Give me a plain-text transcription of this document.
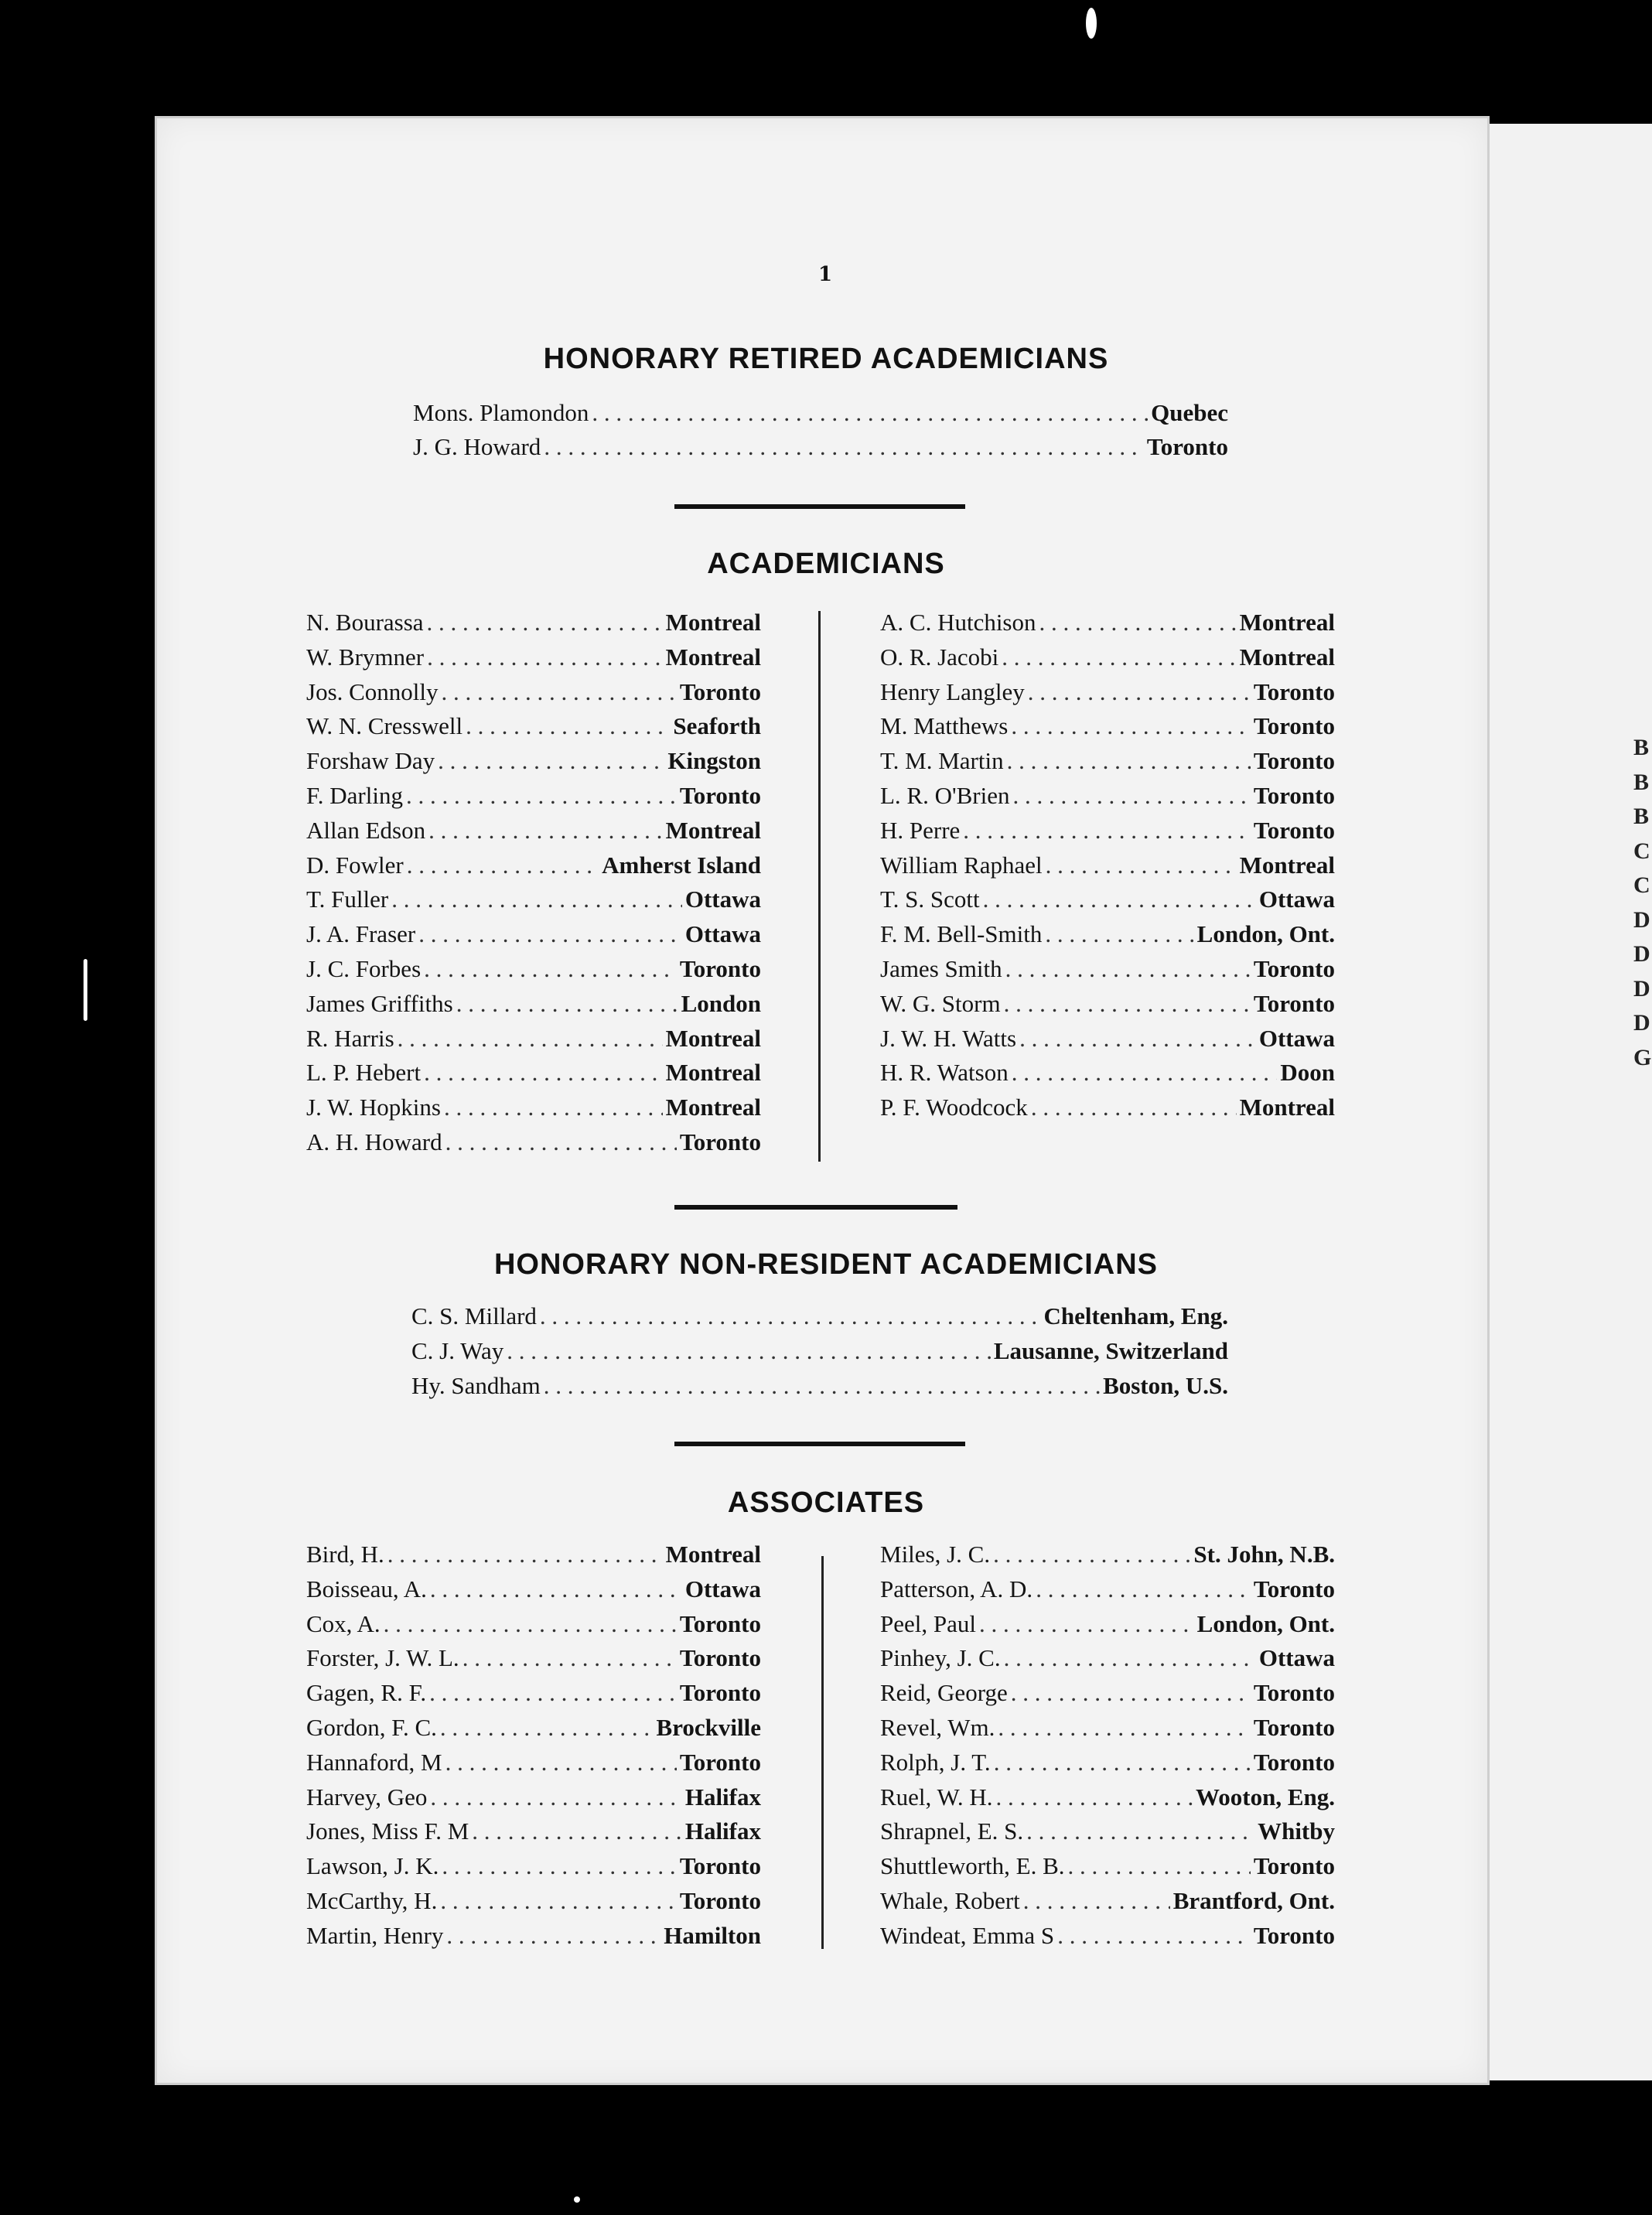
B
B
B
C
C
D
D
D
D
G
1
HONORARY RETIRED ACADEMICIANS
Mons. Plamondon . . .	Quebec
J. G. Howard . . .	Toronto
ACADEMICIANS
N. Bourassa . . .	Montreal
W. Brymner . . .	Montreal
Jos. Connolly . . .	Toronto
W. N. Cresswell . . .	Seaforth
Forshaw Day . . .	Kingston
F. Darling . . .	Toronto
Allan Edson . . .	Montreal
D. Fowler . . .	Amherst Island
T. Fuller . . .	Ottawa
J. A. Fraser . . .	Ottawa
J. C. Forbes . . .	Toronto
James Griffiths . . .	London
R. Harris . . .	Montreal
L. P. Hebert . . .	Montreal
J. W. Hopkins . . .	Montreal
A. H. Howard . . .	Toronto
A. C. Hutchison . . .	Montreal
O. R. Jacobi . . .	Montreal
Henry Langley . . .	Toronto
M. Matthews . . .	Toronto
T. M. Martin . . .	Toronto
L. R. O'Brien . . .	Toronto
H. Perre . . .	Toronto
William Raphael . . .	Montreal
T. S. Scott . . .	Ottawa
F. M. Bell-Smith . . .	London, Ont.
James Smith . . .	Toronto
W. G. Storm . . .	Toronto
J. W. H. Watts . . .	Ottawa
H. R. Watson . . .	Doon
P. F. Woodcock . . .	Montreal
HONORARY NON-RESIDENT ACADEMICIANS
C. S. Millard . . .	Cheltenham, Eng.
C. J. Way . . .	Lausanne, Switzerland
Hy. Sandham . . .	Boston, U.S.
ASSOCIATES
Bird, H. . . .	Montreal
Boisseau, A. . . .	Ottawa
Cox, A. . . .	Toronto
Forster, J. W. L. . . .	Toronto
Gagen, R. F. . . .	Toronto
Gordon, F. C. . . .	Brockville
Hannaford, M . . .	Toronto
Harvey, Geo . . .	Halifax
Jones, Miss F. M . . .	Halifax
Lawson, J. K. . . .	Toronto
McCarthy, H. . . .	Toronto
Martin, Henry . . .	Hamilton
Miles, J. C. . . .	St. John, N.B.
Patterson, A. D. . . .	Toronto
Peel, Paul . . .	London, Ont.
Pinhey, J. C. . . .	Ottawa
Reid, George . . .	Toronto
Revel, Wm. . . .	Toronto
Rolph, J. T. . . .	Toronto
Ruel, W. H. . . .	Wooton, Eng.
Shrapnel, E. S. . . .	Whitby
Shuttleworth, E. B. . . .	Toronto
Whale, Robert . . .	Brantford, Ont.
Windeat, Emma S . . .	Toronto
